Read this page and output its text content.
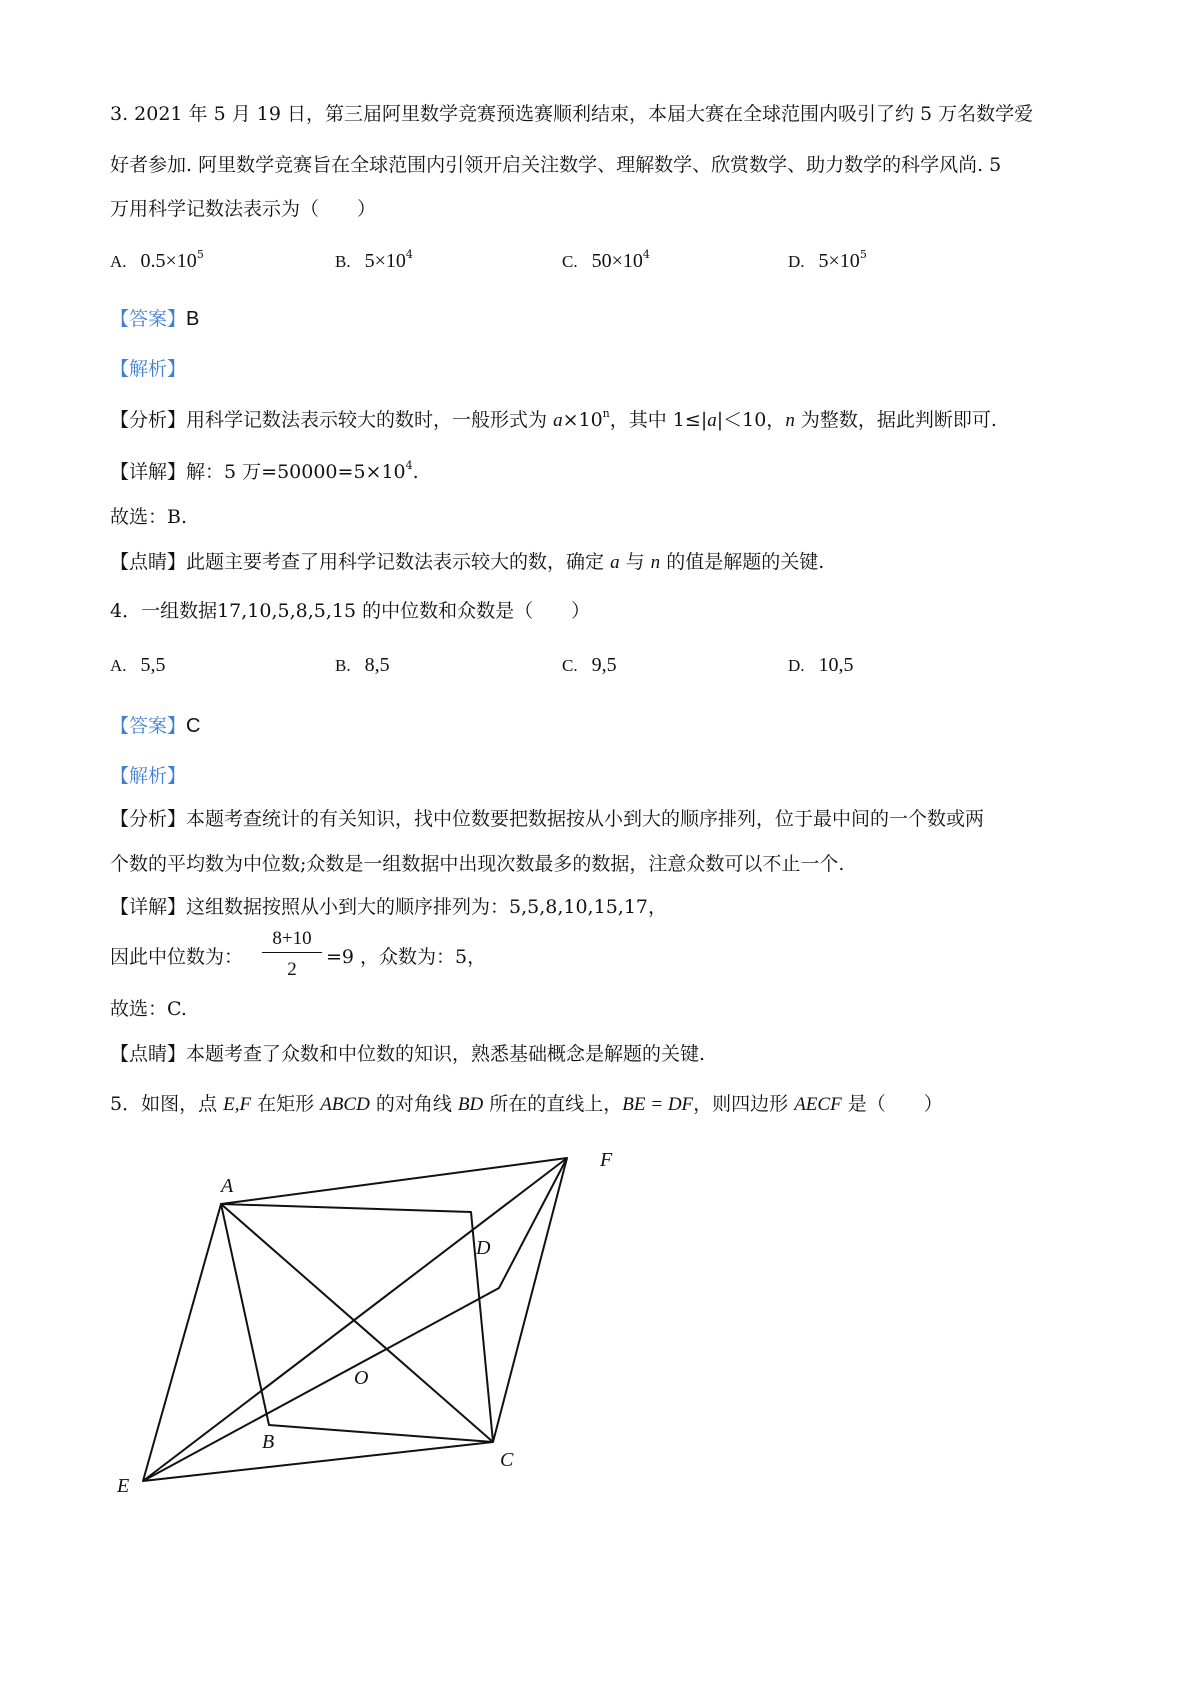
3. 2021 年 5 月 19 日，第三届阿里数学竞赛预选赛顺利结束，本届大赛在全球范围内吸引了约 5 万名数学爱
好者参加. 阿里数学竞赛旨在全球范围内引领开启关注数学、理解数学、欣赏数学、助力数学的科学风尚. 5
万用科学记数法表示为（　　）
A. $0.5\times 10^5$	B. $5\times 10^4$	C. $50\times 10^4$	D. $5\times 10^5$
【答案】B
【解析】
【分析】用科学记数法表示较大的数时，一般形式为 $a\times 10^n$，其中 1≤|a|＜10，n 为整数，据此判断即可.
【详解】解：5 万$=50000=5\times 10^4$.
故选：B.
【点睛】此题主要考查了用科学记数法表示较大的数，确定 a 与 n 的值是解题的关键.
4．一组数据17,10,5,8,5,15 的中位数和众数是（　　）
A. 5,5	B. 8,5	C. 9,5	D. 10,5
【答案】C
【解析】
【分析】本题考查统计的有关知识，找中位数要把数据按从小到大的顺序排列，位于最中间的一个数或两
个数的平均数为中位数;众数是一组数据中出现次数最多的数据，注意众数可以不止一个.
【详解】这组数据按照从小到大的顺序排列为：5,5,8,10,15,17，
因此中位数为： $\frac{8+10}{2} =9$ ，众数为：5，
故选：C.
【点睛】本题考查了众数和中位数的知识，熟悉基础概念是解题的关键.
5．如图，点 E,F 在矩形 ABCD 的对角线 BD 所在的直线上，BE = DF，则四边形 AECF 是（　　）
A
F
D
O
B
C
E
